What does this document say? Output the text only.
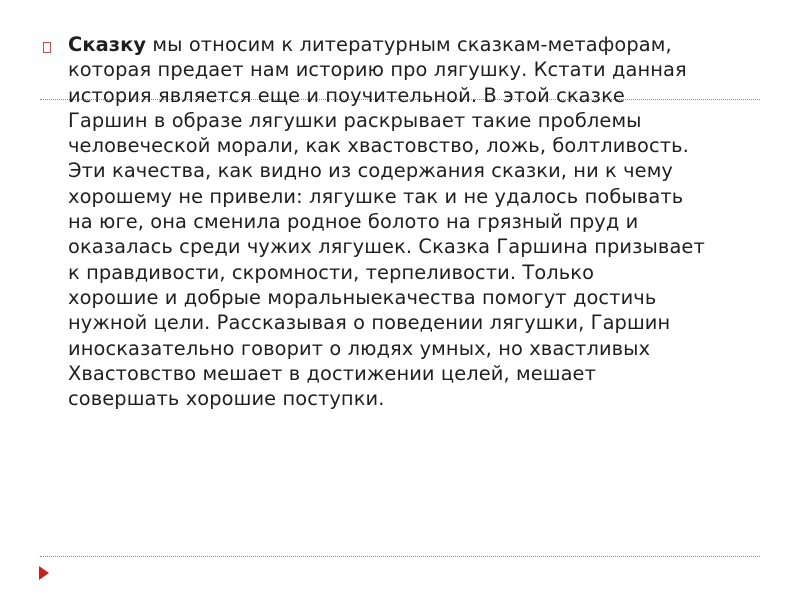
Сказку мы относим к литературным сказкам-метафорам,
которая предает нам историю про лягушку. Кстати данная
история является еще и поучительной. В этой сказке
Гаршин в образе лягушки раскрывает такие проблемы
человеческой морали, как хвастовство, ложь, болтливость.
Эти качества, как видно из содержания сказки, ни к чему
хорошему не привели: лягушке так и не удалось побывать
на юге, она сменила родное болото на грязный пруд и
оказалась среди чужих лягушек. Сказка Гаршина призывает
к правдивости, скромности, терпеливости. Только
хорошие и добрые моральныекачества помогут достичь
нужной цели. Рассказывая о поведении лягушки, Гаршин
иносказательно говорит о людях умных, но хвастливых
Хвастовство мешает в достижении целей, мешает
совершать хорошие поступки.
